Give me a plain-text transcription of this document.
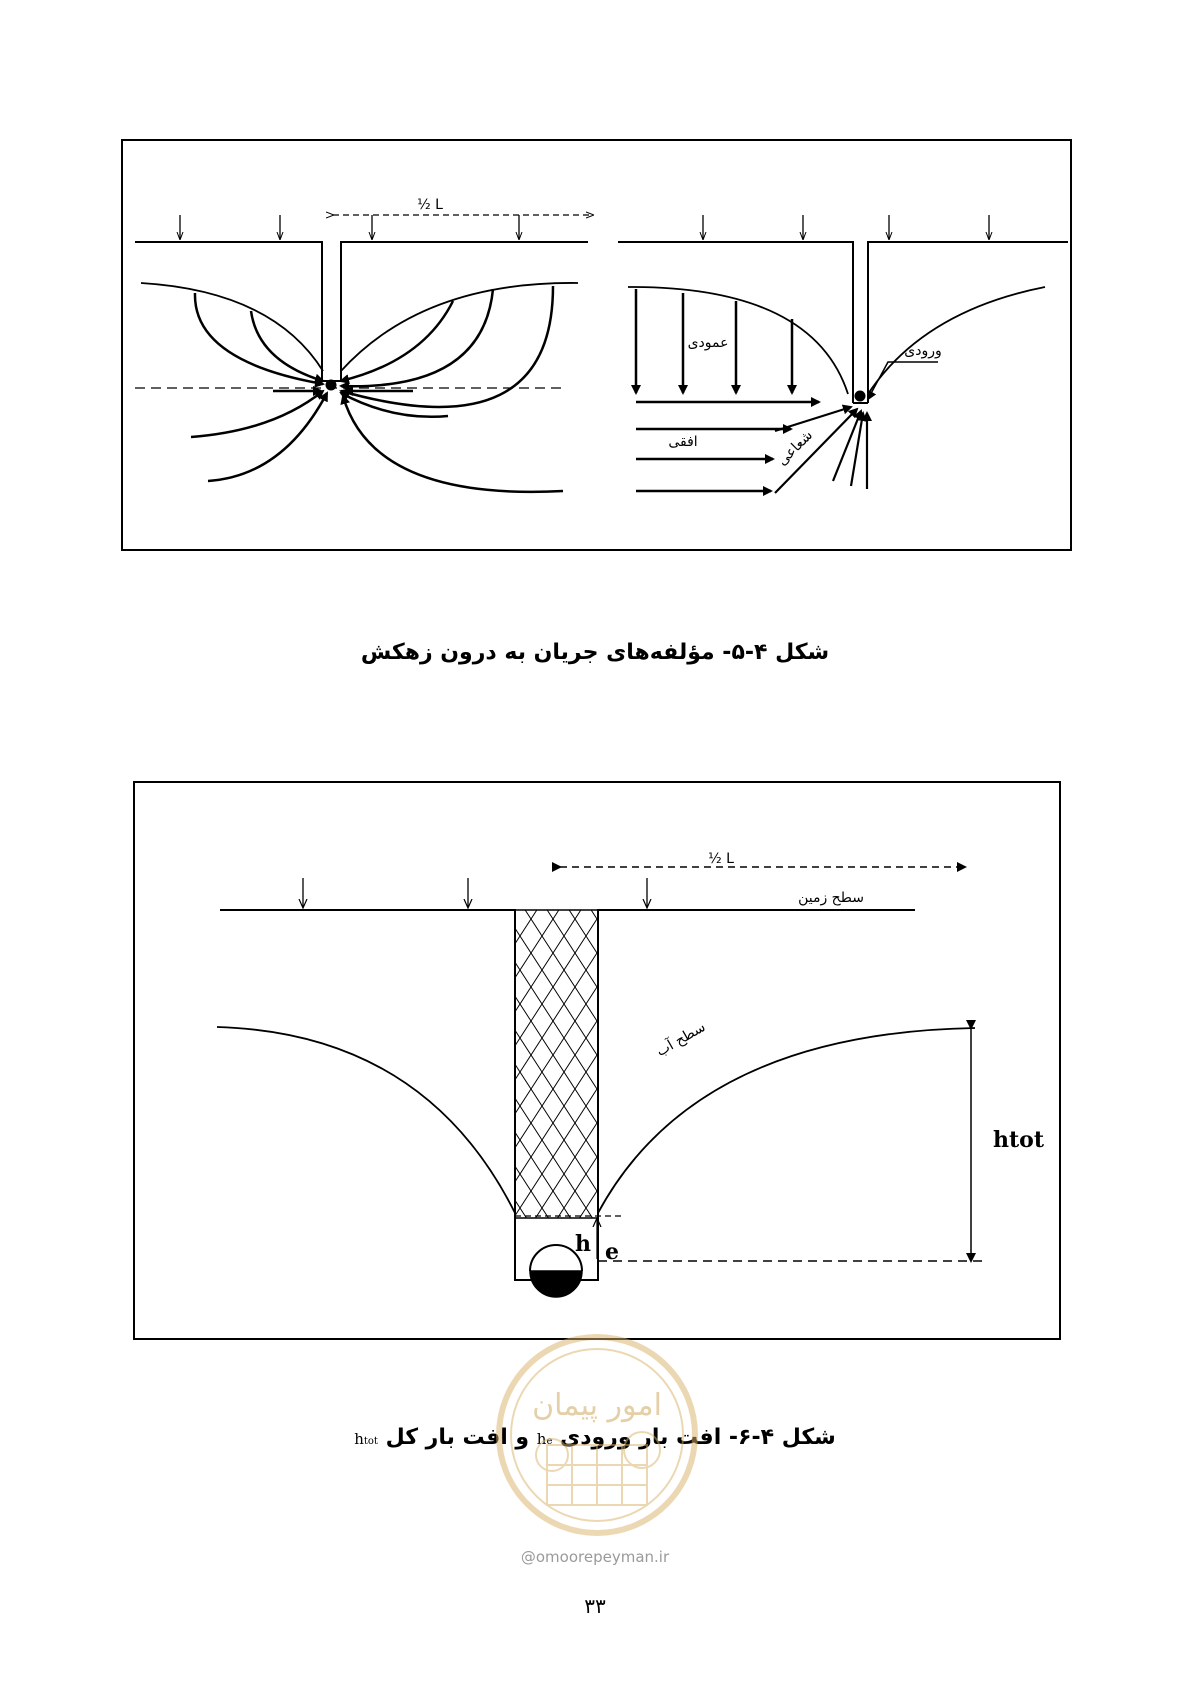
½ L
عمودی
افقی	شعاعی
ورودی
شکل ۴-۵- مؤلفه‌های جریان به درون زهکش
½ L
سطح زمین
سطح آب
htot
h e
شکل ۴-۶- افت بار ورودی he و افت بار کل htot
امور پیمان
@omoorepeyman.ir
۳۳
